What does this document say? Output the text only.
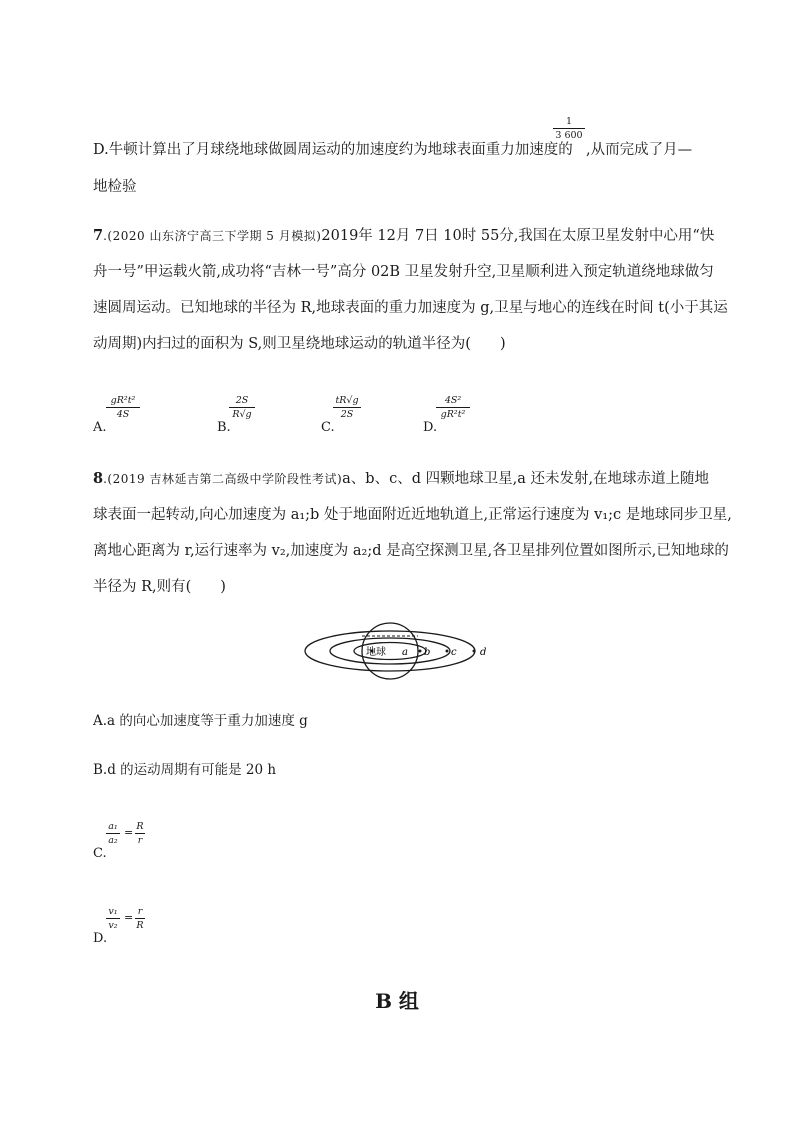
D.牛顿计算出了月球绕地球做圆周运动的加速度约为地球表面重力加速度的
1
3 600
,从而完成了月—
地检验
7.(2020 山东济宁高三下学期 5 月模拟)2019年 12月 7日 10时 55分,我国在太原卫星发射中心用“快
舟一号”甲运载火箭,成功将“吉林一号”高分 02B 卫星发射升空,卫星顺利进入预定轨道绕地球做匀
速圆周运动。已知地球的半径为 R,地球表面的重力加速度为 g,卫星与地心的连线在时间 t(小于其运
动周期)内扫过的面积为 S,则卫星绕地球运动的轨道半径为(　　)
gR²t²
4S
A.
2S
R√g
B.
tR√g
2S
C.
4S²
gR²t²
D.
8.(2019 吉林延吉第二高级中学阶段性考试)a、b、c、d 四颗地球卫星,a 还未发射,在地球赤道上随地
球表面一起转动,向心加速度为 a₁;b 处于地面附近近地轨道上,正常运行速度为 v₁;c 是地球同步卫星,
离地心距离为 r,运行速率为 v₂,加速度为 a₂;d 是高空探测卫星,各卫星排列位置如图所示,已知地球的
半径为 R,则有(　　)
地球 a b c d
A.a 的向心加速度等于重力加速度 g
B.d 的运动周期有可能是 20 h
a₁
a₂
= R
r
C.
v₁
v₂
= r
R
D.
B 组
